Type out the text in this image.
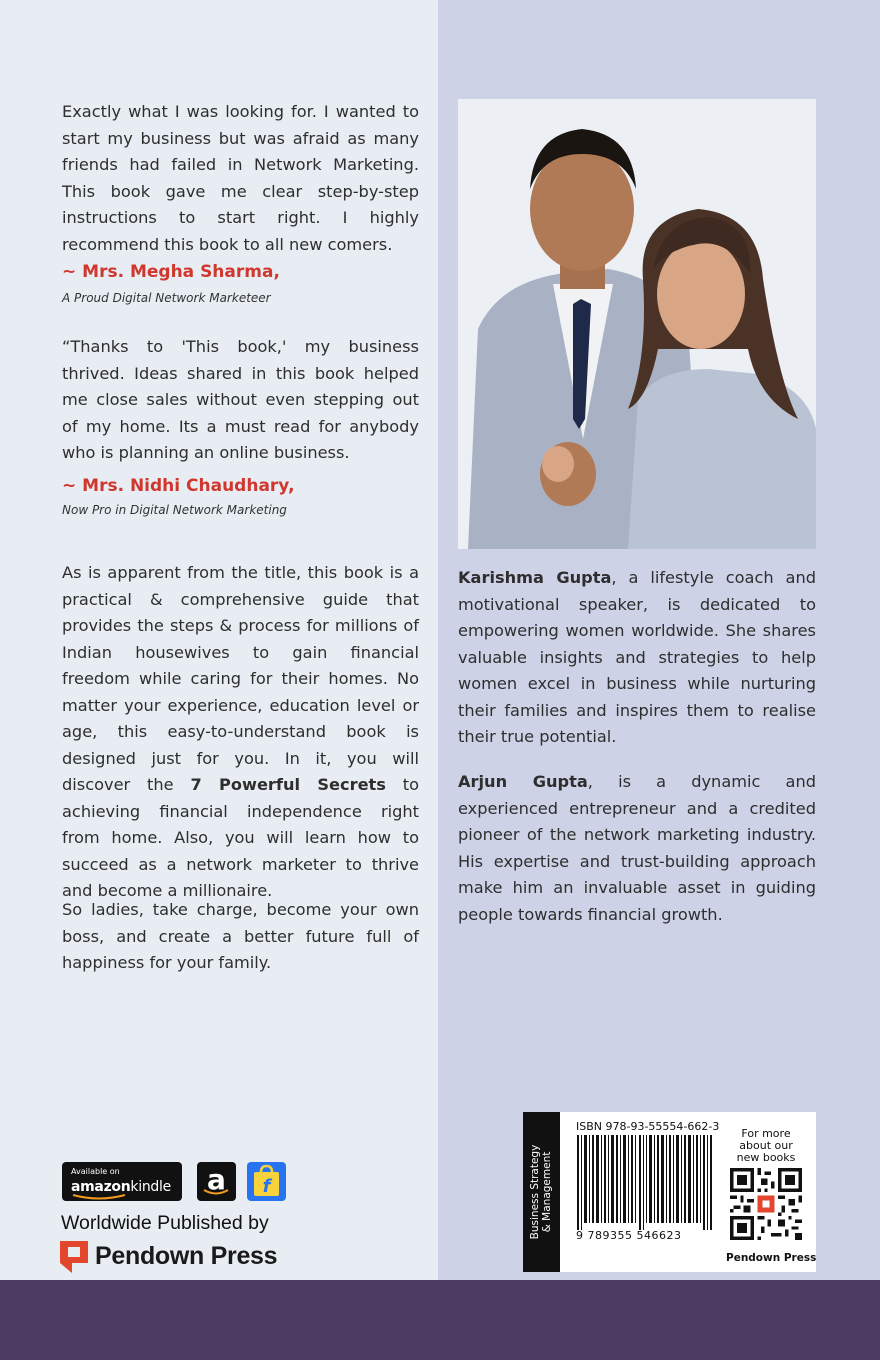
Exactly what I was looking for. I wanted to start my business but was afraid as many friends had failed in Network Marketing. This book gave me clear step-by-step instructions to start right. I highly recommend this book to all new comers.

~ Mrs. Megha Sharma,
A Proud Digital Network Marketeer

“Thanks to 'This book,' my business thrived. Ideas shared in this book helped me close sales without even stepping out of my home. Its a must read for anybody who is planning an online business.

~ Mrs. Nidhi Chaudhary,
Now Pro in Digital Network Marketing

As is apparent from the title, this book is a practical & comprehensive guide that provides the steps & process for millions of Indian housewives to gain financial freedom while caring for their homes. No matter your experience, education level or age, this easy-to-understand book is designed just for you. In it, you will discover the 7 Powerful Secrets to achieving financial independence right from home. Also, you will learn how to succeed as a network marketer to thrive and become a millionaire.

So ladies, take charge, become your own boss, and create a better future full of happiness for your family.

Karishma Gupta, a lifestyle coach and motivational speaker, is dedicated to empowering women worldwide. She shares valuable insights and strategies to help women excel in business while nurturing their families and inspires them to realise their true potential.

Arjun Gupta, is a dynamic and experienced entrepreneur and a credited pioneer of the network marketing industry. His expertise and trust-building approach make him an invaluable asset in guiding people towards financial growth.

Available on
amazonkindle	a	f
Worldwide Published by
Pendown Press
Business Strategy & Management
ISBN 978-93-55554-662-3
9 789355 546623
For more about our new books
Pendown Press
